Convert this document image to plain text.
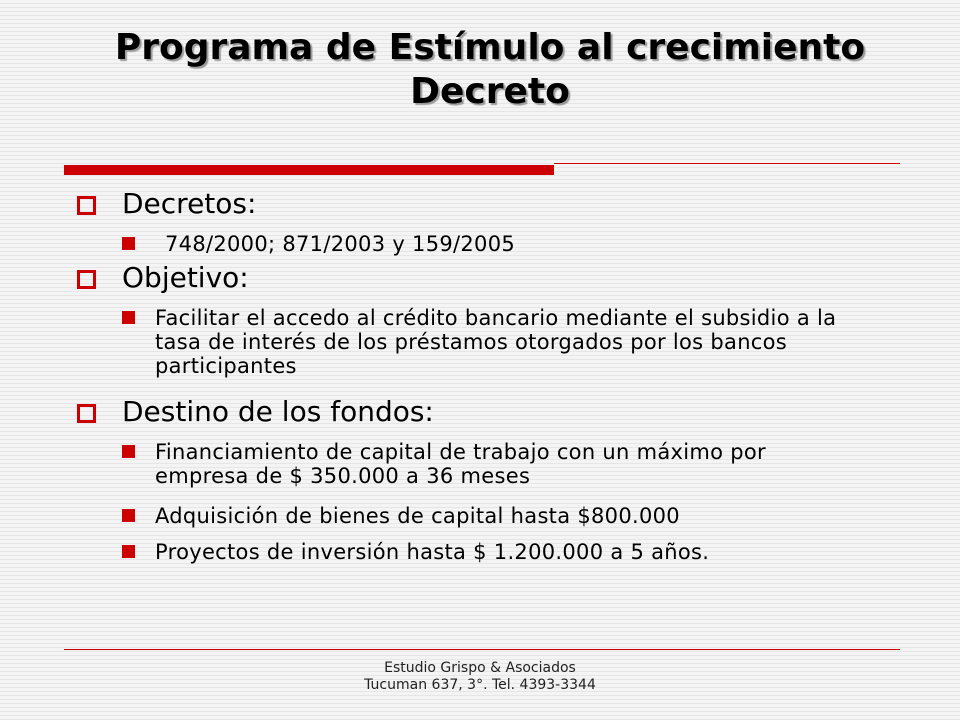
Programa de Estímulo al crecimiento
Decreto
Decretos:
748/2000; 871/2003 y 159/2005
Objetivo:
Facilitar el accedo al crédito bancario mediante el subsidio a la tasa de interés de los préstamos otorgados por los bancos participantes
Destino de los fondos:
Financiamiento de capital de trabajo con un máximo por empresa de $ 350.000 a 36 meses
Adquisición de bienes de capital hasta $800.000
Proyectos de inversión hasta $ 1.200.000 a 5 años.
Estudio Grispo & Asociados
Tucuman 637, 3°. Tel. 4393-3344
